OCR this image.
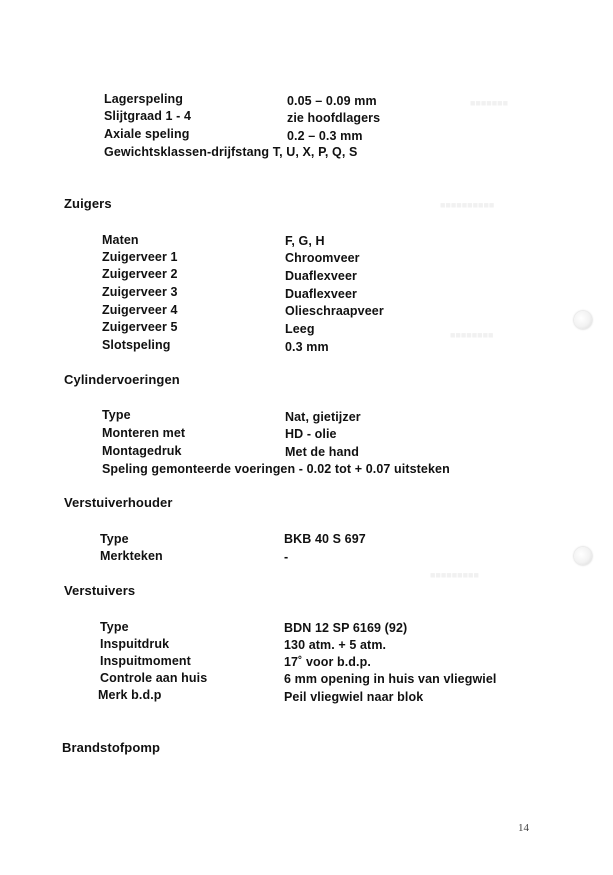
■■■■■■■
■■■■■■■■■■
■■■■■■■■
■■■■■■■■■
Lagerspeling	0.05 – 0.09 mm
Slijtgraad 1 - 4	zie hoofdlagers
Axiale speling	0.2 – 0.3 mm
Gewichtsklassen-drijfstang T, U, X, P, Q, S
Zuigers
Maten	F, G, H
Zuigerveer 1	Chroomveer
Zuigerveer 2	Duaflexveer
Zuigerveer 3	Duaflexveer
Zuigerveer 4	Olieschraapveer
Zuigerveer 5	Leeg
Slotspeling	0.3 mm
Cylindervoeringen
Type	Nat, gietijzer
Monteren met	HD - olie
Montagedruk	Met de hand
Speling gemonteerde voeringen - 0.02 tot + 0.07 uitsteken
Verstuiverhouder
Type	BKB 40 S 697
Merkteken	-
Verstuivers
Type	BDN 12 SP 6169 (92)
Inspuitdruk	130 atm. + 5 atm.
Inspuitmoment	17˚ voor b.d.p.
Controle aan huis	6 mm opening in huis van vliegwiel
Merk b.d.p	Peil vliegwiel naar blok
Brandstofpomp
14
